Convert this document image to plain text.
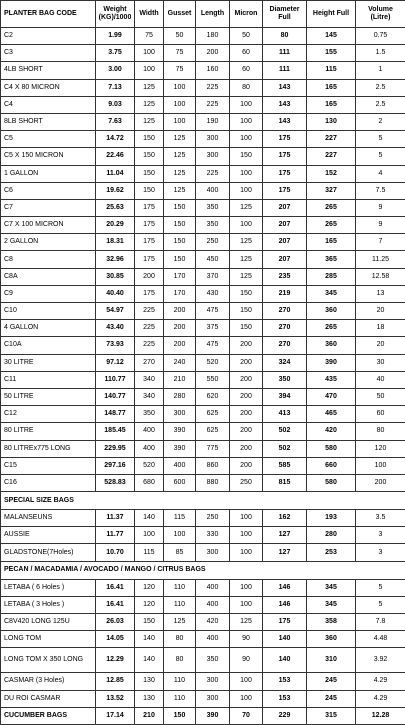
PLANTER BAG CODE	Weight (KG)/1000	Width	Gusset	Length	Micron	Diameter Full	Height Full	Volume (Litre)
C2	1.99	75	50	180	50	80	145	0.75
C3	3.75	100	75	200	60	111	155	1.5
4LB SHORT	3.00	100	75	160	60	111	115	1
C4 X 80 MICRON	7.13	125	100	225	80	143	165	2.5
C4	9.03	125	100	225	100	143	165	2.5
8LB SHORT	7.63	125	100	190	100	143	130	2
C5	14.72	150	125	300	100	175	227	5
C5 X 150 MICRON	22.46	150	125	300	150	175	227	5
1 GALLON	11.04	150	125	225	100	175	152	4
C6	19.62	150	125	400	100	175	327	7.5
C7	25.63	175	150	350	125	207	265	9
C7 X 100 MICRON	20.29	175	150	350	100	207	265	9
2 GALLON	18.31	175	150	250	125	207	165	7
C8	32.96	175	150	450	125	207	365	11.25
C8A	30.85	200	170	370	125	235	285	12.58
C9	40.40	175	170	430	150	219	345	13
C10	54.97	225	200	475	150	270	360	20
4 GALLON	43.40	225	200	375	150	270	265	18
C10A	73.93	225	200	475	200	270	360	20
30 LITRE	97.12	270	240	520	200	324	390	30
C11	110.77	340	210	550	200	350	435	40
50 LITRE	140.77	340	280	620	200	394	470	50
C12	148.77	350	300	625	200	413	465	60
80 LITRE	185.45	400	390	625	200	502	420	80
80 LITREx775 LONG	229.95	400	390	775	200	502	580	120
C15	297.16	520	400	860	200	585	660	100
C16	528.83	680	600	880	250	815	580	200
SPECIAL SIZE BAGS								
MALANSEUNS	11.37	140	115	250	100	162	193	3.5
AUSSIE	11.77	100	100	330	100	127	280	3
GLADSTONE(7Holes)	10.70	115	85	300	100	127	253	3
PECAN / MACADAMIA / AVOCADO / MANGO / CITRUS BAGS								
LETABA ( 6 Holes )	16.41	120	110	400	100	146	345	5
LETABA ( 3 Holes )	16.41	120	110	400	100	146	345	5
C8V420 LONG 125U	26.03	150	125	420	125	175	358	7.8
LONG TOM	14.05	140	80	400	90	140	360	4.48
LONG TOM X 350 LONG	12.29	140	80	350	90	140	310	3.92
CASMAR (3 Holes)	12.85	130	110	300	100	153	245	4.29
DU ROI CASMAR	13.52	130	110	300	100	153	245	4.29
CUCUMBER BAGS	17.14	210	150	390	70	229	315	12.28
